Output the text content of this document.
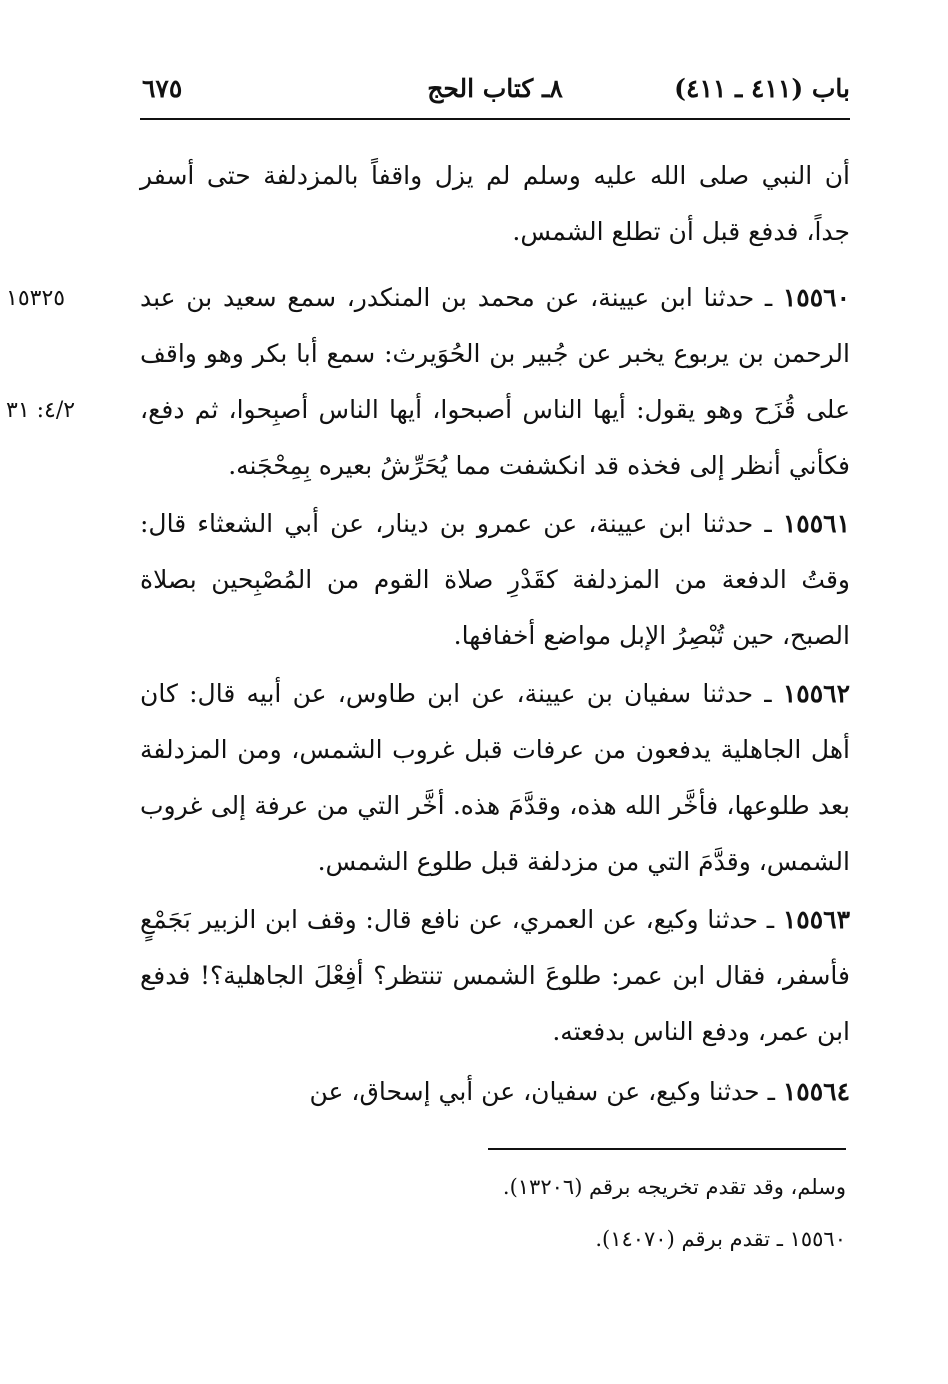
باب (٤١١ ـ ٤١١)
٨ـ كتاب الحج
٦٧٥
أن النبي صلى الله عليه وسلم لم يزل واقفاً بالمزدلفة حتى أسفر جداً، فدفع قبل أن تطلع الشمس.
١٥٥٦٠ ـ حدثنا ابن عيينة، عن محمد بن المنكدر، سمع سعيد بن عبد الرحمن بن يربوع يخبر عن جُبير بن الحُوَيرث: سمع أبا بكر وهو واقف على قُزَح وهو يقول: أيها الناس أصبحوا، أيها الناس أصبِحوا، ثم دفع، فكأني أنظر إلى فخذه قد انكشفت مما يُحَرِّشُ بعيره بِمِحْجَنه.
١٥٥٦١ ـ حدثنا ابن عيينة، عن عمرو بن دينار، عن أبي الشعثاء قال: وقتُ الدفعة من المزدلفة كقَدْرِ صلاة القوم من المُصْبِحين بصلاة الصبح، حين تُبْصِرُ الإبل مواضع أخفافها.
١٥٥٦٢ ـ حدثنا سفيان بن عيينة، عن ابن طاوس، عن أبيه قال: كان أهل الجاهلية يدفعون من عرفات قبل غروب الشمس، ومن المزدلفة بعد طلوعها، فأخَّر الله هذه، وقدَّمَ هذه. أخَّر التي من عرفة إلى غروب الشمس، وقدَّمَ التي من مزدلفة قبل طلوع الشمس.
١٥٥٦٣ ـ حدثنا وكيع، عن العمري، عن نافع قال: وقف ابن الزبير بَجَمْعٍ فأسفر، فقال ابن عمر: طلوعَ الشمس تنتظر؟ أفِعْلَ الجاهلية؟! فدفع ابن عمر، ودفع الناس بدفعته.
١٥٥٦٤ ـ حدثنا وكيع، عن سفيان، عن أبي إسحاق، عن
١٥٣٢٥
٤/٢: ٣١
وسلم، وقد تقدم تخريجه برقم (١٣٢٠٦).
١٥٥٦٠ ـ تقدم برقم (١٤٠٧٠).
